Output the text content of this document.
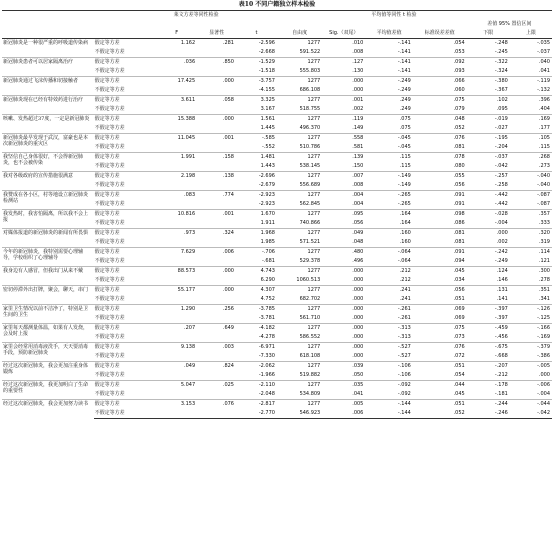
表10 不同户籍独立样本检验
		莱文方差等同性检验		平均值等同性 t 检验						
									差值 95% 置信区间	
		F	显著性	t	自由度	Sig.（双尾）	平均值差值	标准误差差值	下限	上限
新冠肺炎是一种很严重的呼吸道传染病	假定等方差	1.162	.281	-2.596	1277	.010	-.141	.054	-.248	-.035
	不假定等方差			-2.668	591.522	.008	-.141	.053	-.245	-.037
新冠肺炎患者可以居家隔离治疗	假定等方差	.036	.850	-1.529	1277	.127	-.141	.092	-.322	.040
	不假定等方差			-1.518	555.803	.130	-.141	.093	-.324	.041
新冠肺炎通过飞沫传播和切接触者	假定等方差	17.425	.000	-3.757	1277	.000	-.249	.066	-.380	-.119
	不假定等方差			-4.155	686.108	.000	-.249	.060	-.367	-.132
新冠肺炎现在已经有特效药进行治疗	假定等方差	3.611	.058	3.325	1277	.001	.249	.075	.102	.396
	不假定等方差			3.167	518.755	.002	.249	.079	.095	.404
咳嗽、发热超过37度，一定是新冠肺炎	假定等方差	15.388	.000	1.561	1277	.119	.075	.048	-.019	.169
	不假定等方差			1.445	496.370	.149	.075	.052	-.027	.177
新冠肺炎最早发现于武汉，富豪也是本次新冠肺炎的重灾区	假定等方差	11.045	.001	-.585	1277	.558	-.045	.076	-.195	.105
	不假定等方差			-.552	510.786	.581	-.045	.081	-.204	.115
我坚信自己身体很好，不会得新冠肺炎，也不会被传染	假定等方差	1.991	.158	1.481	1277	.139	.115	.078	-.037	.268
	不假定等方差			1.443	538.145	.150	.115	.080	-.042	.273
我对各级政府的宣传措施很满意	假定等方差	2.198	.138	-2.696	1277	.007	-.149	.055	-.257	-.040
	不假定等方差			-2.679	556.689	.008	-.149	.056	-.258	-.040
我赞成在各小区，村等地设立新冠肺炎检测站	假定等方差	.083	.774	-2.923	1277	.004	-.265	.091	-.442	-.087
	不假定等方差			-2.923	562.845	.004	-.265	.091	-.442	-.087
我发热时，我害怕隔离，所以我不会上报	假定等方差	10.816	.001	1.670	1277	.095	.164	.098	-.028	.357
	不假定等方差			1.911	740.866	.056	.164	.086	-.004	.333
对媒体报道的新冠肺炎的新闻有所畏惧	假定等方差	.973	.324	1.968	1277	.049	.160	.081	.000	.320
	不假定等方差			1.985	571.521	.048	.160	.081	.002	.319
今年的新冠肺炎，我特别需要心理辅导，学校组织了心理辅导	假定等方差	7.629	.006	-.706	1277	.480	-.064	.091	-.242	.114
	不假定等方差			-.681	529.378	.496	-.064	.094	-.249	.121
我身边有人感冒，但我出门从来不戴	假定等方差	88.573	.000	4.743	1277	.000	.212	.045	.124	.300
	不假定等方差			6.290	1060.513	.000	.212	.034	.146	.278
密切停滞外出打牌，聚会，聊天，串门	假定等方差	55.177	.000	4.307	1277	.000	.241	.056	.131	.351
	不假定等方差			4.752	682.702	.000	.241	.051	.141	.341
家里卫生情况以前不洁净了，特别是卫生间的卫生	假定等方差	1.290	.256	-3.785	1277	.000	-.261	.069	-.397	-.126
	不假定等方差			-3.781	561.710	.000	-.261	.069	-.397	-.125
家里每天都测量体温，如果有人发烧，会及时上报	假定等方差	.207	.649	-4.182	1277	.000	-.313	.075	-.459	-.166
	不假定等方差			-4.278	586.552	.000	-.313	.073	-.456	-.169
家里会经常用消毒液洗手，天天要消毒手段，预防新冠肺炎	假定等方差	9.138	.003	-6.971	1277	.000	-.527	.076	-.675	-.379
	不假定等方差			-7.330	618.108	.000	-.527	.072	-.668	-.386
经过这次新冠肺炎，我会更加注重身体锻炼	假定等方差	.049	.824	-2.062	1277	.039	-.106	.051	-.207	-.005
	不假定等方差			-1.966	519.882	.050	-.106	.054	-.212	.000
经过这次新冠肺炎，我更加明白了生命的重要性	假定等方差	5.047	.025	-2.110	1277	.035	-.092	.044	-.178	-.006
	不假定等方差			-2.048	534.809	.041	-.092	.045	-.181	-.004
经过这次新冠肺炎，我会更加努力读书	假定等方差	3.153	.076	-2.817	1277	.005	-.144	.051	-.244	-.044
	不假定等方差			-2.770	546.923	.006	-.144	.052	-.246	-.042
